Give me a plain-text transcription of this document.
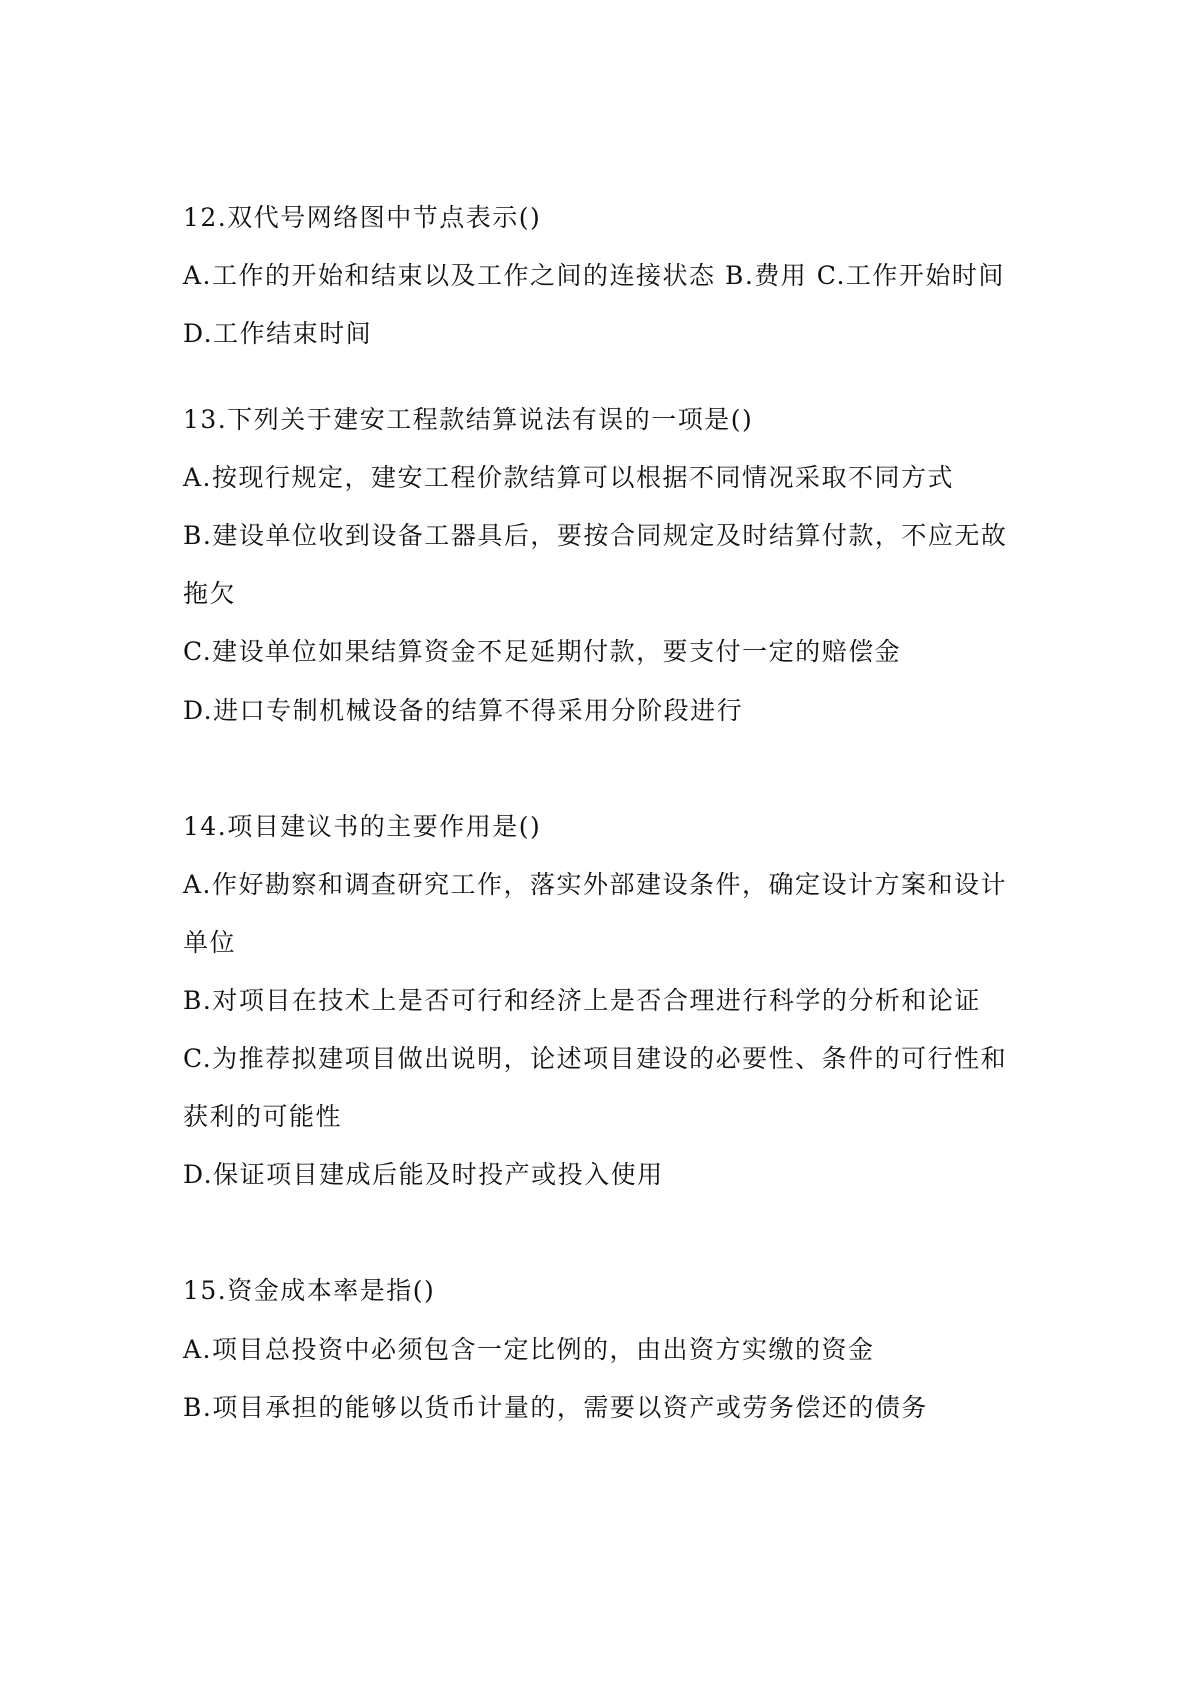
12.双代号网络图中节点表示()
A.工作的开始和结束以及工作之间的连接状态 B.费用 C.工作开始时间
D.工作结束时间
13.下列关于建安工程款结算说法有误的一项是()
A.按现行规定，建安工程价款结算可以根据不同情况采取不同方式
B.建设单位收到设备工器具后，要按合同规定及时结算付款，不应无故
拖欠
C.建设单位如果结算资金不足延期付款，要支付一定的赔偿金
D.进口专制机械设备的结算不得采用分阶段进行
14.项目建议书的主要作用是()
A.作好勘察和调查研究工作，落实外部建设条件，确定设计方案和设计
单位
B.对项目在技术上是否可行和经济上是否合理进行科学的分析和论证
C.为推荐拟建项目做出说明，论述项目建设的必要性、条件的可行性和
获利的可能性
D.保证项目建成后能及时投产或投入使用
15.资金成本率是指()
A.项目总投资中必须包含一定比例的，由出资方实缴的资金
B.项目承担的能够以货币计量的，需要以资产或劳务偿还的债务
